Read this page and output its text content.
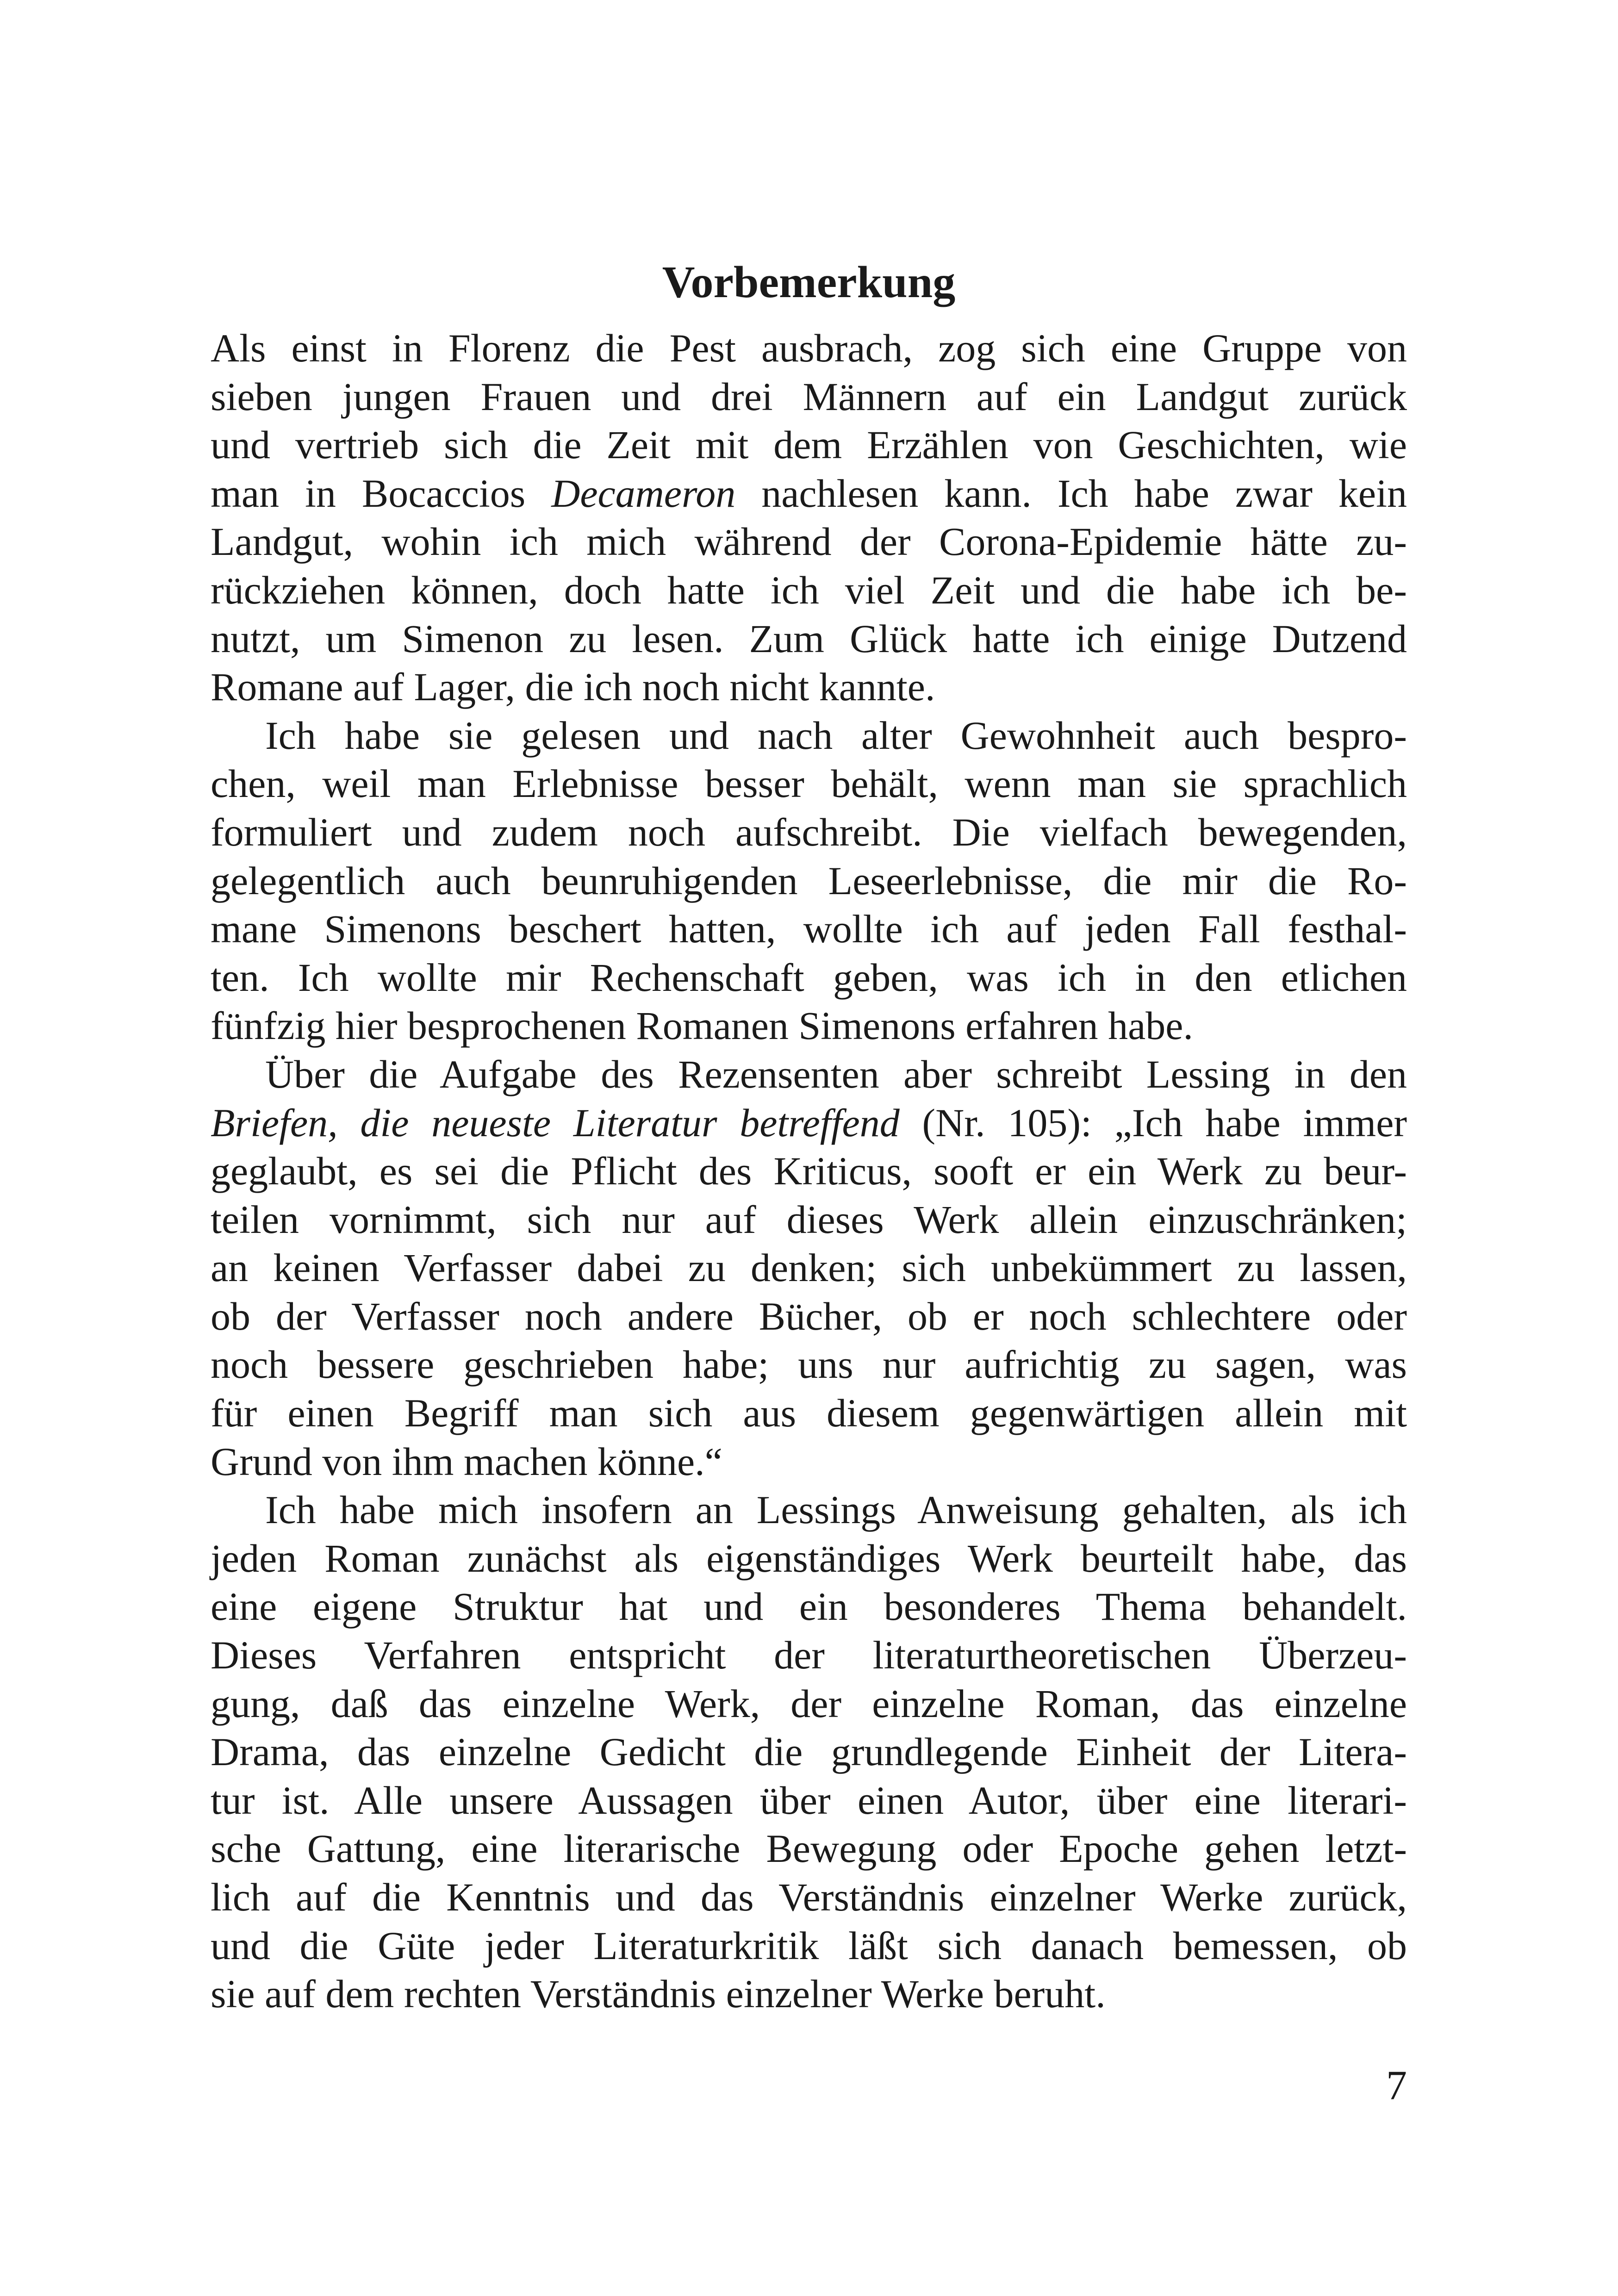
Vorbemerkung
Als einst in Florenz die Pest ausbrach, zog sich eine Gruppe von
sieben jungen Frauen und drei Männern auf ein Landgut zurück
und vertrieb sich die Zeit mit dem Erzählen von Geschichten, wie
man in Bocaccios Decameron nachlesen kann. Ich habe zwar kein
Landgut, wohin ich mich während der Corona-Epidemie hätte zu-
rückziehen können, doch hatte ich viel Zeit und die habe ich be-
nutzt, um Simenon zu lesen. Zum Glück hatte ich einige Dutzend
Romane auf Lager, die ich noch nicht kannte.
Ich habe sie gelesen und nach alter Gewohnheit auch bespro-
chen, weil man Erlebnisse besser behält, wenn man sie sprachlich
formuliert und zudem noch aufschreibt. Die vielfach bewegenden,
gelegentlich auch beunruhigenden Leseerlebnisse, die mir die Ro-
mane Simenons beschert hatten, wollte ich auf jeden Fall festhal-
ten. Ich wollte mir Rechenschaft geben, was ich in den etlichen
fünfzig hier besprochenen Romanen Simenons erfahren habe.
Über die Aufgabe des Rezensenten aber schreibt Lessing in den
Briefen, die neueste Literatur betreffend (Nr. 105): „Ich habe immer
geglaubt, es sei die Pflicht des Kriticus, sooft er ein Werk zu beur-
teilen vornimmt, sich nur auf dieses Werk allein einzuschränken;
an keinen Verfasser dabei zu denken; sich unbekümmert zu lassen,
ob der Verfasser noch andere Bücher, ob er noch schlechtere oder
noch bessere geschrieben habe; uns nur aufrichtig zu sagen, was
für einen Begriff man sich aus diesem gegenwärtigen allein mit
Grund von ihm machen könne.“
Ich habe mich insofern an Lessings Anweisung gehalten, als ich
jeden Roman zunächst als eigenständiges Werk beurteilt habe, das
eine eigene Struktur hat und ein besonderes Thema behandelt.
Dieses Verfahren entspricht der literaturtheoretischen Überzeu-
gung, daß das einzelne Werk, der einzelne Roman, das einzelne
Drama, das einzelne Gedicht die grundlegende Einheit der Litera-
tur ist. Alle unsere Aussagen über einen Autor, über eine literari-
sche Gattung, eine literarische Bewegung oder Epoche gehen letzt-
lich auf die Kenntnis und das Verständnis einzelner Werke zurück,
und die Güte jeder Literaturkritik läßt sich danach bemessen, ob
sie auf dem rechten Verständnis einzelner Werke beruht.
7
